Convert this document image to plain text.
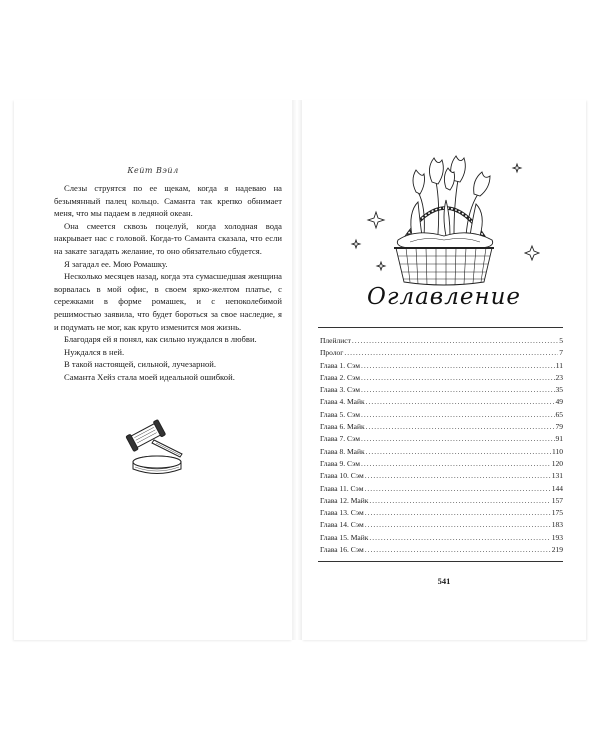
Кейт Вэйл

Слезы струятся по ее щекам, когда я надеваю на безымянный палец кольцо. Саманта так крепко обнимает меня, что мы падаем в ледяной океан.

Она смеется сквозь поцелуй, когда холодная вода накрывает нас с головой. Когда-то Саманта сказала, что если на закате загадать желание, то оно обязательно сбудется.

Я загадал ее. Мою Ромашку.

Несколько месяцев назад, когда эта сумасшедшая женщина ворвалась в мой офис, в своем ярко-желтом платье, с сережками в форме ромашек, и с непоколебимой решимостью заявила, что будет бороться за свое наследие, я и подумать не мог, как круто изменится моя жизнь.

Благодаря ей я понял, как сильно нуждался в любви.

Нуждался в ней.

В такой настоящей, сильной, лучезарной.

Саманта Хейз стала моей идеальной ошибкой.

Оглавление
Плейлист .....	5
Пролог .....	7
Глава 1. Сэм .....	11
Глава 2. Сэм .....	23
Глава 3. Сэм .....	35
Глава 4. Майк .....	49
Глава 5. Сэм .....	65
Глава 6. Майк .....	79
Глава 7. Сэм .....	91
Глава 8. Майк .....	110
Глава 9. Сэм .....	120
Глава 10. Сэм .....	131
Глава 11. Сэм .....	144
Глава 12. Майк .....	157
Глава 13. Сэм .....	175
Глава 14. Сэм .....	183
Глава 15. Майк .....	193
Глава 16. Сэм .....	219
541
